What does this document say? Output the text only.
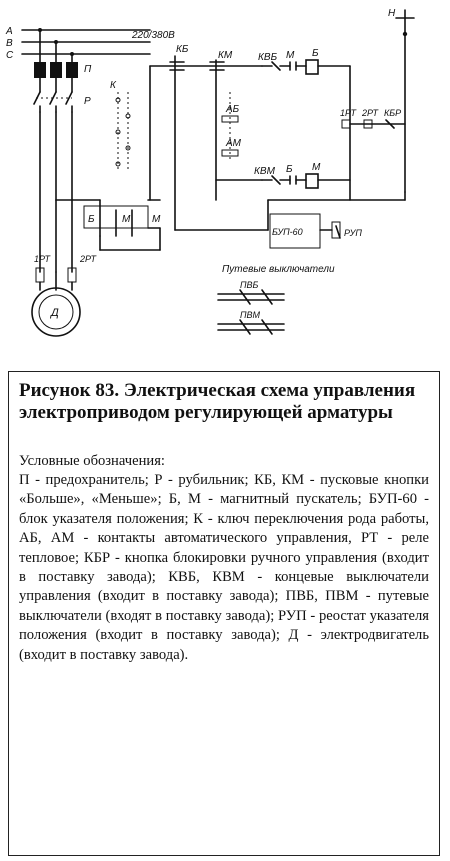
А
В
С
220/380В
Н
П
Р
Б	М М
1РТ	2РТ
Д
К
КБ
КМ
АБ
АМ
КВБ М Б
КВМ Б М
1РТ 2РТ КБР
БУП-60	РУП
Путевые выключатели
ПВБ
ПВМ

Рисунок 83. Электрическая схема управления электроприводом регулирующей арматуры

Условные обозначения:

П - предохранитель; Р - рубильник; КБ, КМ - пусковые кнопки «Больше», «Меньше»; Б, М - магнитный пускатель; БУП-60 - блок указателя положения; К - ключ переключения рода работы, АБ, АМ - контакты автоматического управления, РТ - реле тепловое; КБР - кнопка блокировки ручного управления (входит в поставку завода); КВБ, КВМ - концевые выключатели управления (входит в поставку завода); ПВБ, ПВМ - путевые выключатели (входят в поставку завода); РУП - реостат указателя положения (входит в поставку завода); Д - электродвигатель (входит в поставку завода).
